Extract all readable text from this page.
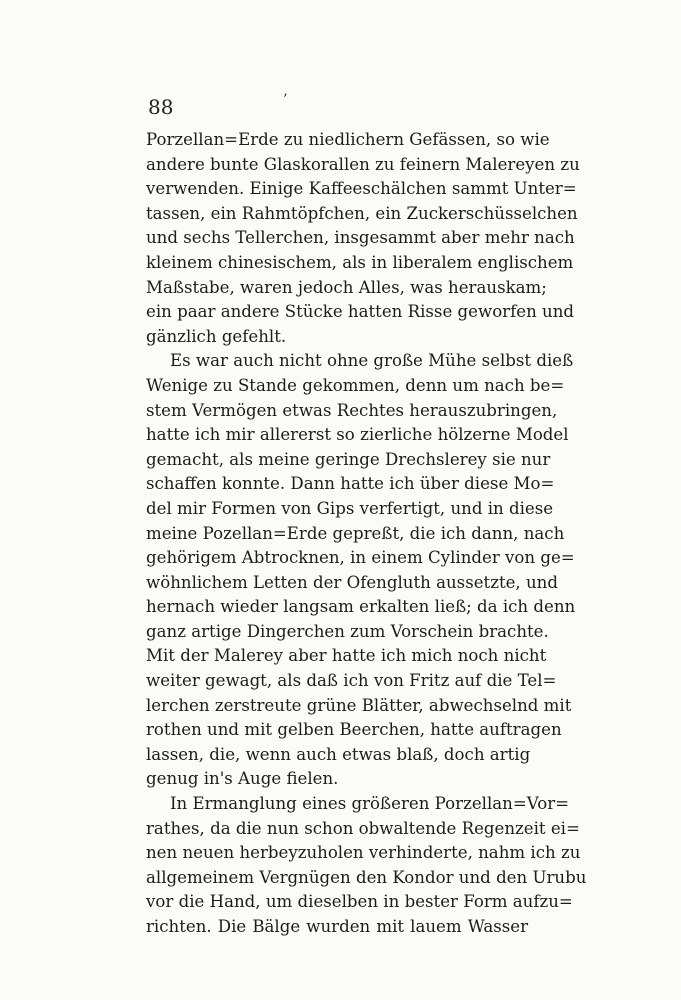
88	’
Porzellan=Erde zu niedlichern Gefässen, so wie
andere bunte Glaskorallen zu feinern Malereyen zu
verwenden. Einige Kaffeeschälchen sammt Unter=
tassen, ein Rahmtöpfchen, ein Zuckerschüsselchen
und sechs Tellerchen, insgesammt aber mehr nach
kleinem chinesischem, als in liberalem englischem
Maßstabe, waren jedoch Alles, was herauskam;
ein paar andere Stücke hatten Risse geworfen und
gänzlich gefehlt.
Es war auch nicht ohne große Mühe selbst dieß
Wenige zu Stande gekommen, denn um nach be=
stem Vermögen etwas Rechtes herauszubringen,
hatte ich mir allererst so zierliche hölzerne Model
gemacht, als meine geringe Drechslerey sie nur
schaffen konnte. Dann hatte ich über diese Mo=
del mir Formen von Gips verfertigt, und in diese
meine Pozellan=Erde gepreßt, die ich dann, nach
gehörigem Abtrocknen, in einem Cylinder von ge=
wöhnlichem Letten der Ofengluth aussetzte, und
hernach wieder langsam erkalten ließ; da ich denn
ganz artige Dingerchen zum Vorschein brachte.
Mit der Malerey aber hatte ich mich noch nicht
weiter gewagt, als daß ich von Fritz auf die Tel=
lerchen zerstreute grüne Blätter, abwechselnd mit
rothen und mit gelben Beerchen, hatte auftragen
lassen, die, wenn auch etwas blaß, doch artig
genug in's Auge fielen.
In Ermanglung eines größeren Porzellan=Vor=
rathes, da die nun schon obwaltende Regenzeit ei=
nen neuen herbeyzuholen verhinderte, nahm ich zu
allgemeinem Vergnügen den Kondor und den Urubu
vor die Hand, um dieselben in bester Form aufzu=
richten. Die Bälge wurden mit lauem Wasser
